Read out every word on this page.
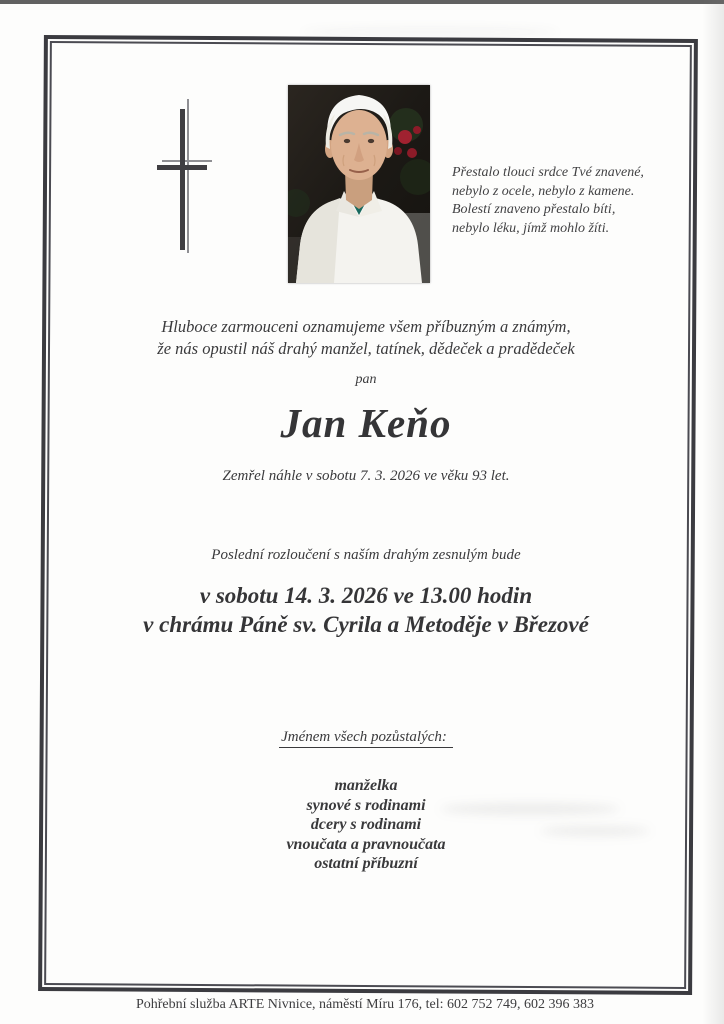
Přestalo tlouci srdce Tvé znavené,
nebylo z ocele, nebylo z kamene.
Bolestí znaveno přestalo bíti,
nebylo léku, jímž mohlo žíti.
Hluboce zarmouceni oznamujeme všem příbuzným a známým,
že nás opustil náš drahý manžel, tatínek, dědeček a pradědeček
pan
Jan Keňo
Zemřel náhle v sobotu 7. 3. 2026 ve věku 93 let.
Poslední rozloučení s naším drahým zesnulým bude
v sobotu 14. 3. 2026 ve 13.00 hodin
v chrámu Páně sv. Cyrila a Metoděje v Březové
Jménem všech pozůstalých:
manželka
synové s rodinami
dcery s rodinami
vnoučata a pravnoučata
ostatní příbuzní
Pohřební služba ARTE Nivnice, náměstí Míru 176, tel: 602 752 749, 602 396 383
